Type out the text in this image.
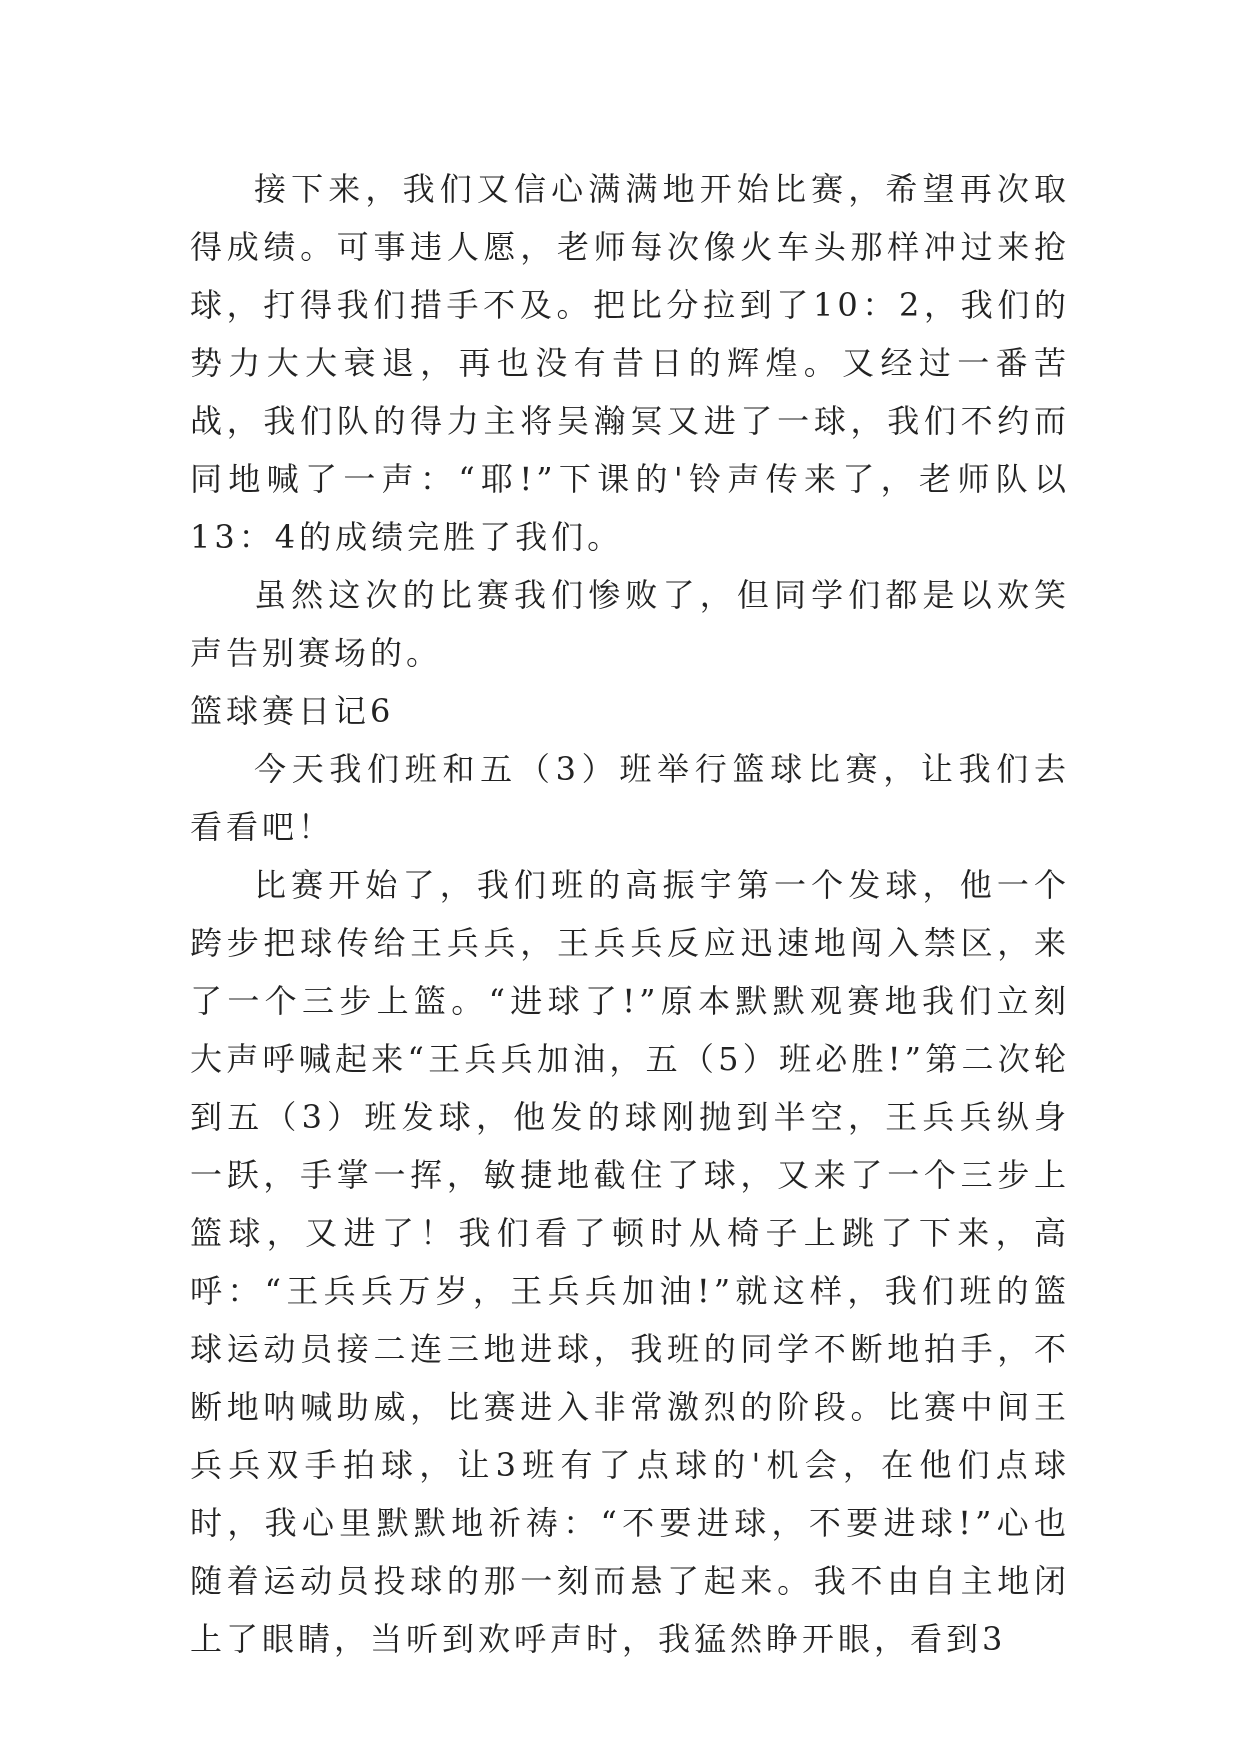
接下来，我们又信心满满地开始比赛，希望再次取得成绩。可事违人愿，老师每次像火车头那样冲过来抢球，打得我们措手不及。把比分拉到了10：2，我们的势力大大衰退，再也没有昔日的辉煌。又经过一番苦战，我们队的得力主将吴瀚冥又进了一球，我们不约而同地喊了一声：“耶!”下课的'铃声传来了，老师队以13：4的成绩完胜了我们。

虽然这次的比赛我们惨败了，但同学们都是以欢笑声告别赛场的。

篮球赛日记6

今天我们班和五（3）班举行篮球比赛，让我们去看看吧！

比赛开始了，我们班的高振宇第一个发球，他一个跨步把球传给王兵兵，王兵兵反应迅速地闯入禁区，来了一个三步上篮。“进球了!”原本默默观赛地我们立刻大声呼喊起来“王兵兵加油，五（5）班必胜!”第二次轮到五（3）班发球，他发的球刚抛到半空，王兵兵纵身一跃，手掌一挥，敏捷地截住了球，又来了一个三步上篮球，又进了！我们看了顿时从椅子上跳了下来，高呼：“王兵兵万岁，王兵兵加油!”就这样，我们班的篮球运动员接二连三地进球，我班的同学不断地拍手，不断地呐喊助威，比赛进入非常激烈的阶段。比赛中间王兵兵双手拍球，让3班有了点球的'机会，在他们点球时，我心里默默地祈祷：“不要进球，不要进球!”心也随着运动员投球的那一刻而悬了起来。我不由自主地闭上了眼睛，当听到欢呼声时，我猛然睁开眼，看到3
